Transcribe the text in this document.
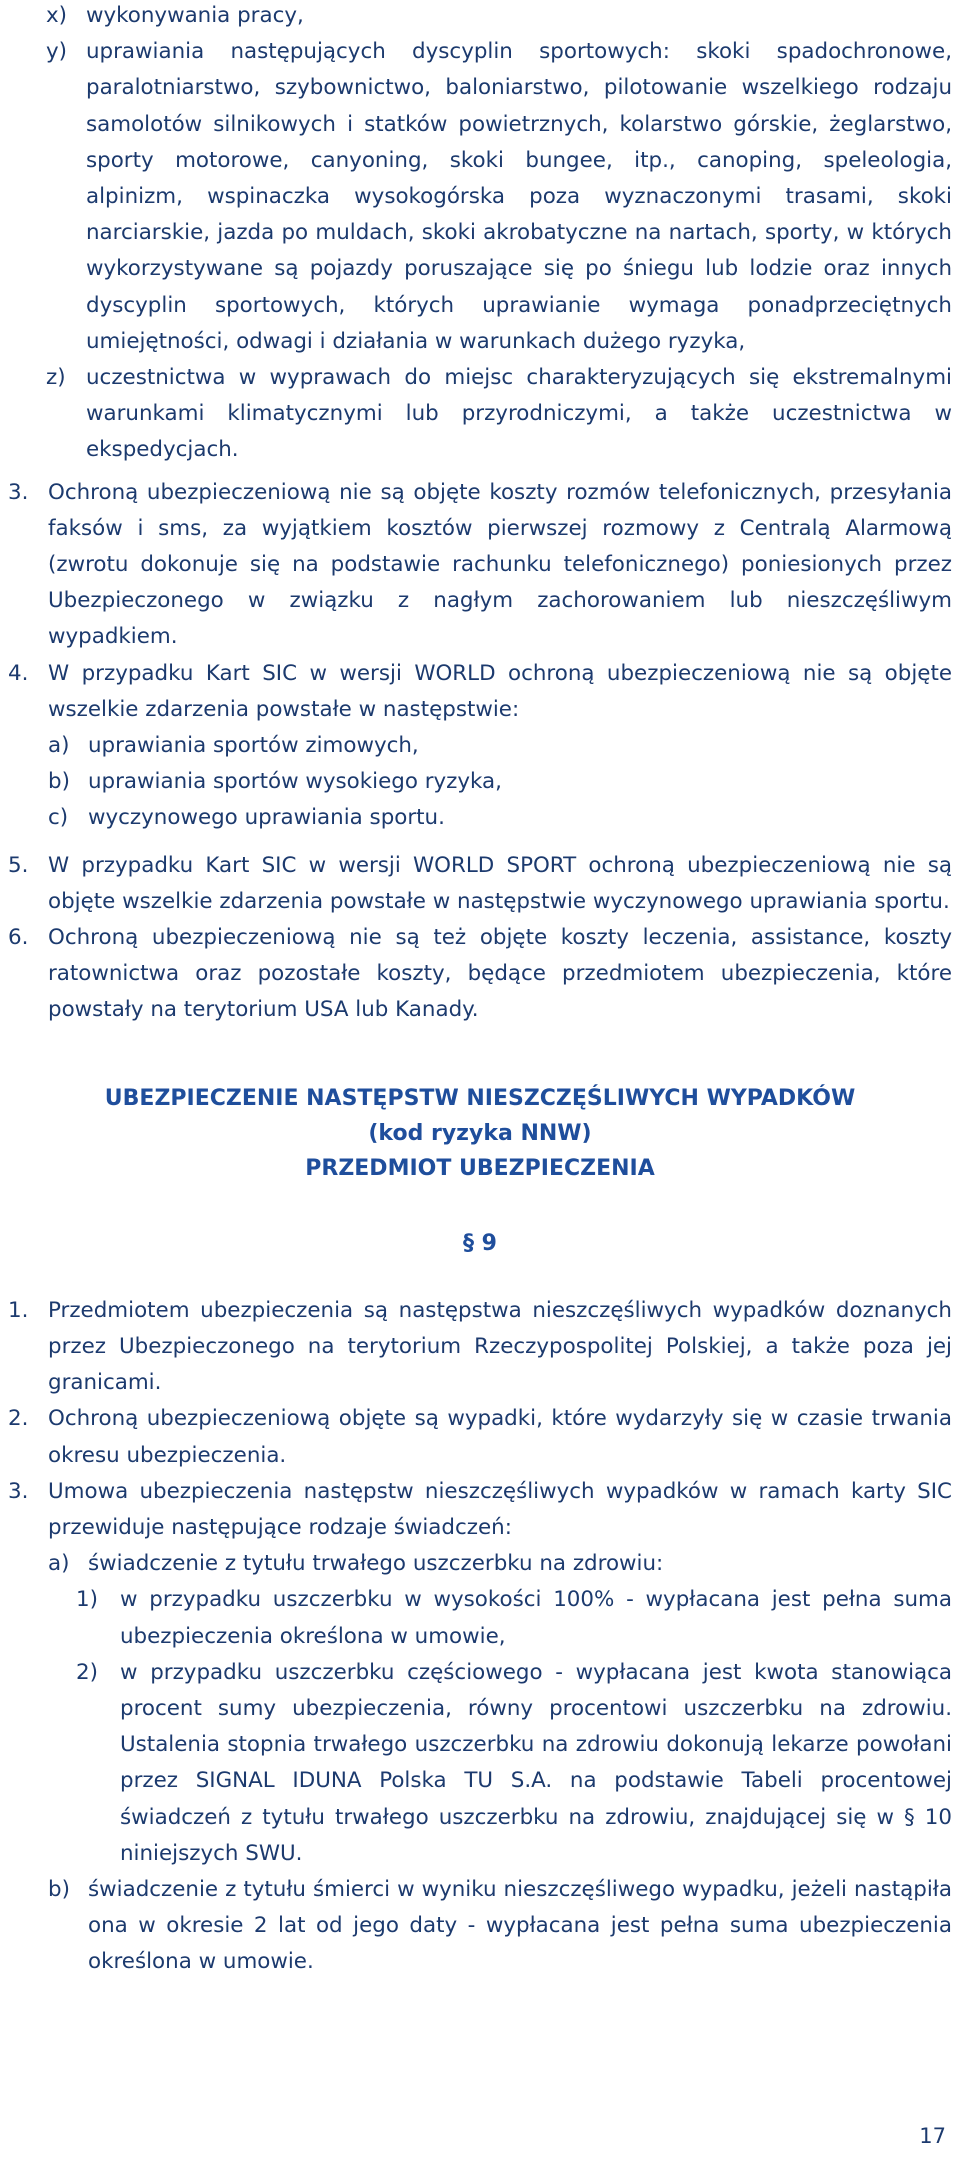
x) wykonywania pracy,
y) uprawiania następujących dyscyplin sportowych: skoki spadochronowe, paralotniarstwo, szybownictwo, baloniarstwo, pilotowanie wszelkiego rodzaju samolotów silnikowych i statków powietrznych, kolarstwo górskie, żeglarstwo, sporty motorowe, canyoning, skoki bungee, itp., canoping, speleologia, alpinizm, wspinaczka wysokogórska poza wyznaczonymi trasami, skoki narciarskie, jazda po muldach, skoki akrobatyczne na nartach, sporty, w których wykorzystywane są pojazdy poruszające się po śniegu lub lodzie oraz innych dyscyplin sportowych, których uprawianie wymaga ponadprzeciętnych umiejętności, odwagi i działania w warunkach dużego ryzyka,
z) uczestnictwa w wyprawach do miejsc charakteryzujących się ekstremalnymi warunkami klimatycznymi lub przyrodniczymi, a także uczestnictwa w ekspedycjach.
3. Ochroną ubezpieczeniową nie są objęte koszty rozmów telefonicznych, przesyłania faksów i sms, za wyjątkiem kosztów pierwszej rozmowy z Centralą Alarmową (zwrotu dokonuje się na podstawie rachunku telefonicznego) poniesionych przez Ubezpieczonego w związku z nagłym zachorowaniem lub nieszczęśliwym wypadkiem.
4. W przypadku Kart SIC w wersji WORLD ochroną ubezpieczeniową nie są objęte wszelkie zdarzenia powstałe w następstwie:
a) uprawiania sportów zimowych,
b) uprawiania sportów wysokiego ryzyka,
c) wyczynowego uprawiania sportu.
5. W przypadku Kart SIC w wersji WORLD SPORT ochroną ubezpieczeniową nie są objęte wszelkie zdarzenia powstałe w następstwie wyczynowego uprawiania sportu.
6. Ochroną ubezpieczeniową nie są też objęte koszty leczenia, assistance, koszty ratownictwa oraz pozostałe koszty, będące przedmiotem ubezpieczenia, które powstały na terytorium USA lub Kanady.

UBEZPIECZENIE NASTĘPSTW NIESZCZĘŚLIWYCH WYPADKÓW

(kod ryzyka NNW)

PRZEDMIOT UBEZPIECZENIA

§ 9
1. Przedmiotem ubezpieczenia są następstwa nieszczęśliwych wypadków doznanych przez Ubezpieczonego na terytorium Rzeczypospolitej Polskiej, a także poza jej granicami.
2. Ochroną ubezpieczeniową objęte są wypadki, które wydarzyły się w czasie trwania okresu ubezpieczenia.
3. Umowa ubezpieczenia następstw nieszczęśliwych wypadków w ramach karty SIC przewiduje następujące rodzaje świadczeń:
a) świadczenie z tytułu trwałego uszczerbku na zdrowiu:
1)	w przypadku uszczerbku w wysokości 100% - wypłacana jest pełna suma ubezpieczenia określona w umowie,
2)	w przypadku uszczerbku częściowego - wypłacana jest kwota stanowiąca procent sumy ubezpieczenia, równy procentowi uszczerbku na zdrowiu. Ustalenia stopnia trwałego uszczerbku na zdrowiu dokonują lekarze powołani przez SIGNAL IDUNA Polska TU S.A. na podstawie Tabeli procentowej świadczeń z tytułu trwałego uszczerbku na zdrowiu, znajdującej się w § 10 niniejszych SWU.
b) świadczenie z tytułu śmierci w wyniku nieszczęśliwego wypadku, jeżeli nastąpiła ona w okresie 2 lat od jego daty - wypłacana jest pełna suma ubezpieczenia określona w umowie.
17
